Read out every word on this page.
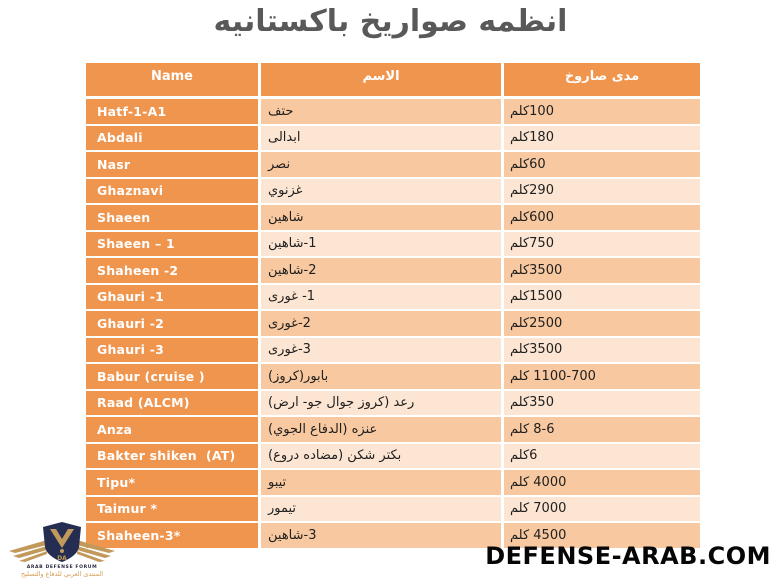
انظمه صواريخ باكستانيه
Name	الاسم	مدى صاروخ
Hatf-1-A1	حتف	كلم 100
Abdali	ابدالى	كلم 180
Nasr	نصر	كلم 60
Ghaznavi	غزنوي	كلم 290
Shaeen	شاهين	كلم 600
Shaeen – 1	شاهين -1	كلم 750
Shaheen -2	شاهين -2	كلم 3500
Ghauri -1	غورى -1	كلم 1500
Ghauri -2	غورى -2	كلم 2500
Ghauri -3	غورى -3	كلم 3500
Babur (cruise )	بابور(كروز)	كلم 1100-700
Raad (ALCM)	رعد (كروز جوال جو- ارض)	كلم 350
Anza	عنزه (الدفاع الجوي)	كلم 8-6
Bakter shiken  (AT)	بكتر شكن (مضاده دروع)	كلم 6
Tipu*	تيبو	كلم 4000
Taimur *	تيمور	كلم 7000
Shaheen-3*	شاهين -3	كلم 4500
DA
ARAB DEFENSE FORUM
المنتدى العربي للدفاع والتسليح
DEFENSE-ARAB.COM
